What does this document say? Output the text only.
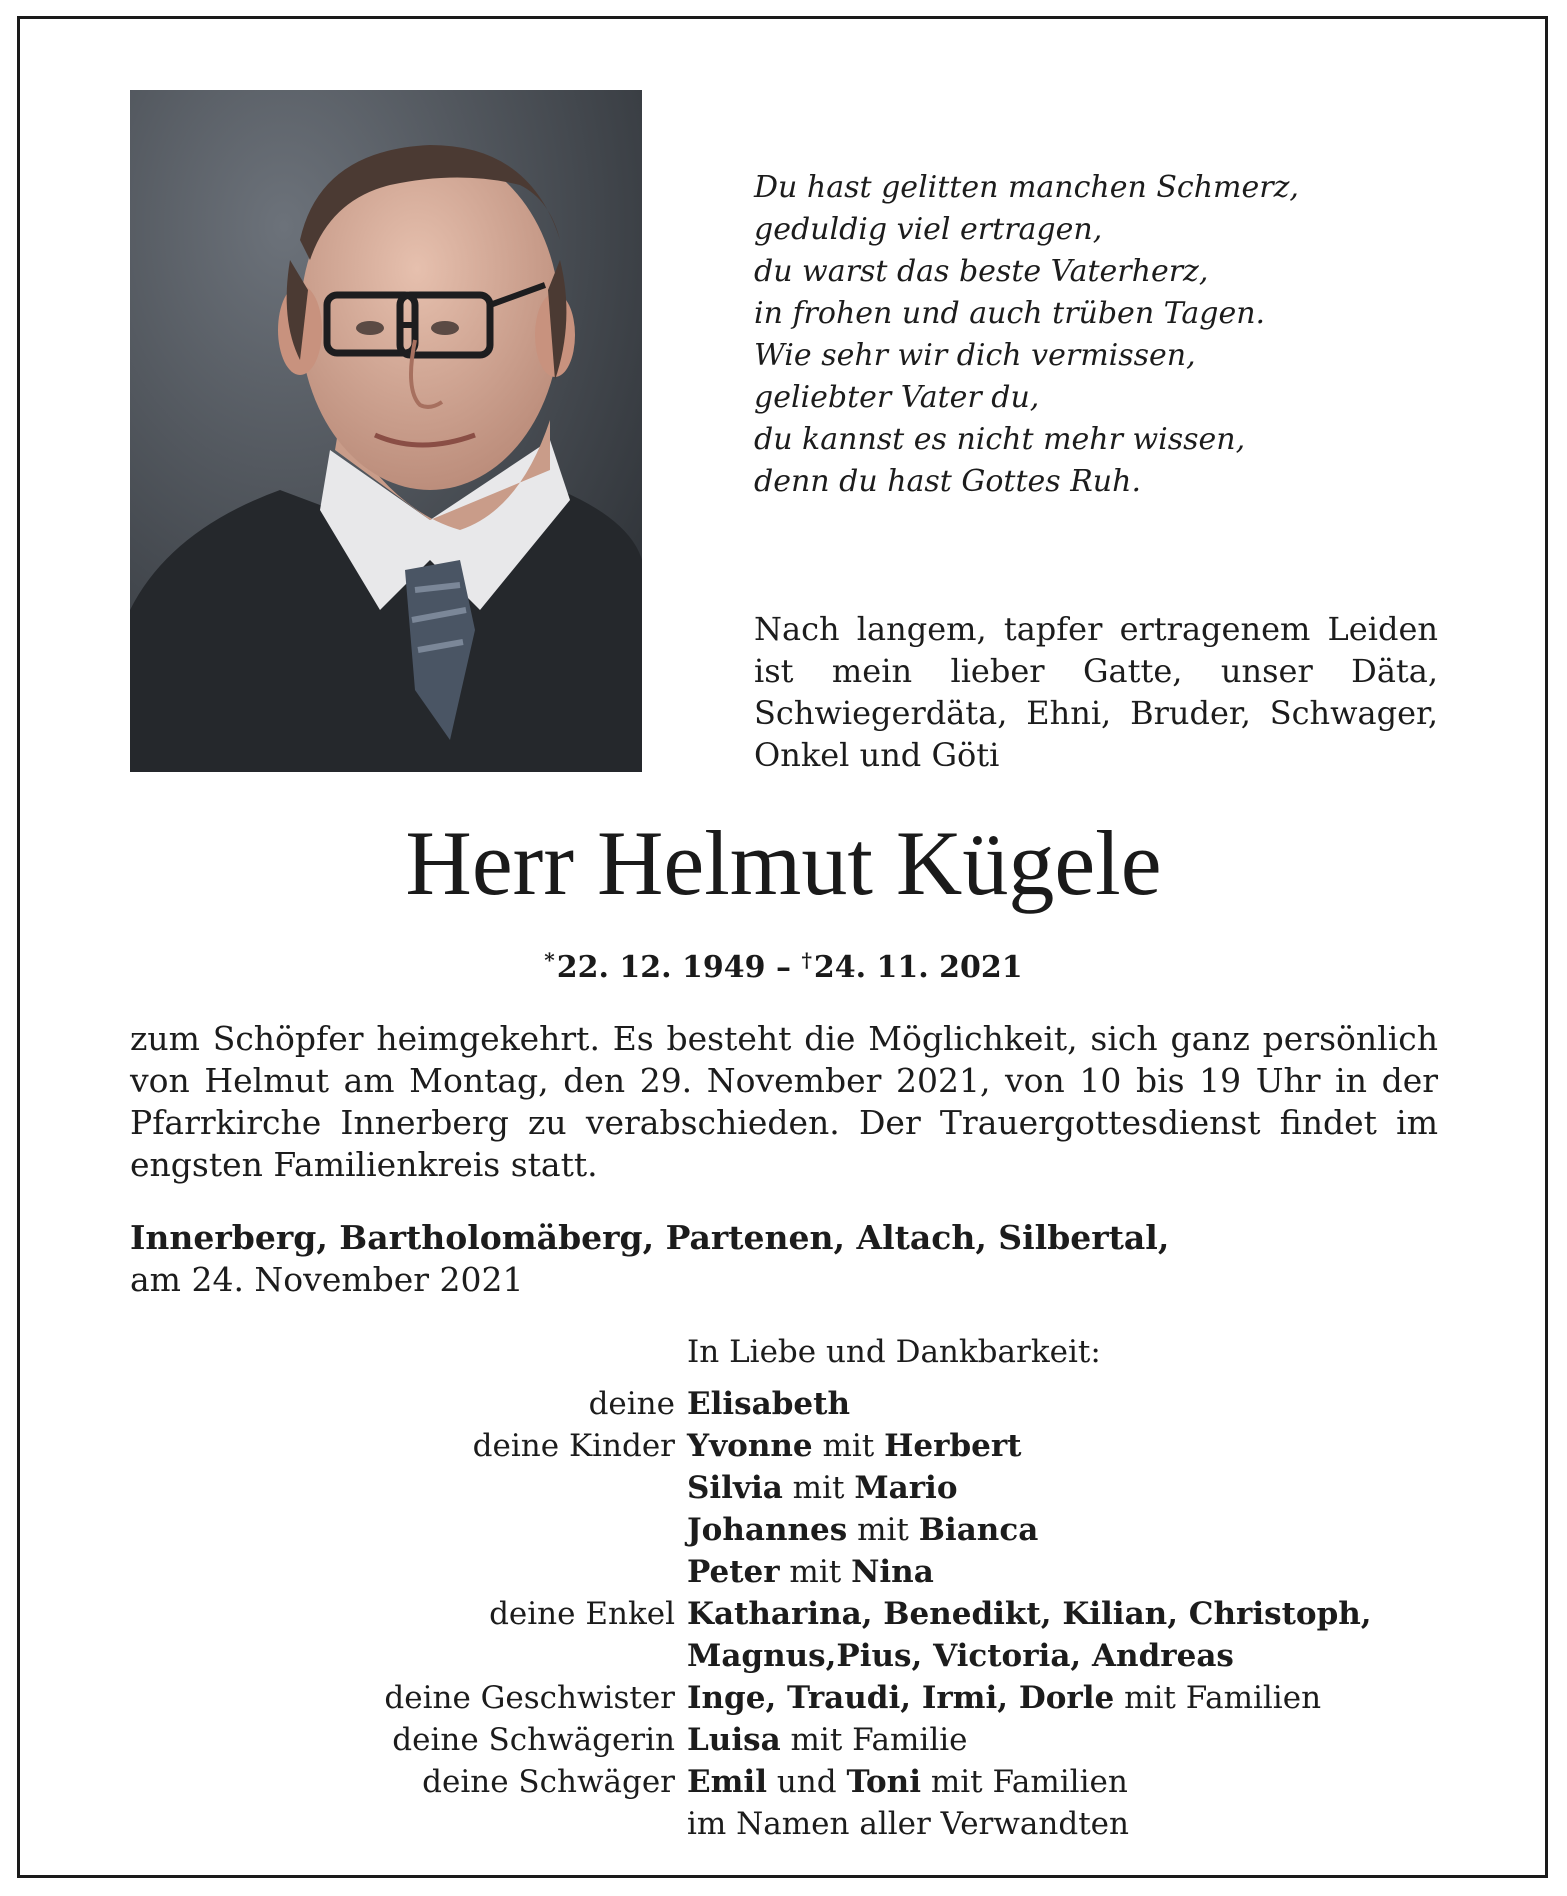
Du hast gelitten manchen Schmerz,
geduldig viel ertragen,
du warst das beste Vaterherz,
in frohen und auch trüben Tagen.
Wie sehr wir dich vermissen,
geliebter Vater du,
du kannst es nicht mehr wissen,
denn du hast Gottes Ruh.
Nach langem, tapfer ertragenem Leiden ist mein lieber Gatte, unser Däta, Schwiegerdäta, Ehni, Bruder, Schwager, Onkel und Göti
Herr Helmut Kügele
*22. 12. 1949 – †24. 11. 2021
zum Schöpfer heimgekehrt. Es besteht die Möglichkeit, sich ganz persönlich von Helmut am Montag, den 29. November 2021, von 10 bis 19 Uhr in der Pfarrkirche Innerberg zu verabschieden. Der Trauergottesdienst findet im engsten Familienkreis statt.
Innerberg, Bartholomäberg, Partenen, Altach, Silbertal,
am 24. November 2021
In Liebe und Dankbarkeit:
deine Elisabeth
deine Kinder Yvonne mit Herbert
Silvia mit Mario
Johannes mit Bianca
Peter mit Nina
deine Enkel Katharina, Benedikt, Kilian, Christoph,
Magnus,Pius, Victoria, Andreas
deine Geschwister Inge, Traudi, Irmi, Dorle mit Familien
deine Schwägerin Luisa mit Familie
deine Schwäger Emil und Toni mit Familien
im Namen aller Verwandten
